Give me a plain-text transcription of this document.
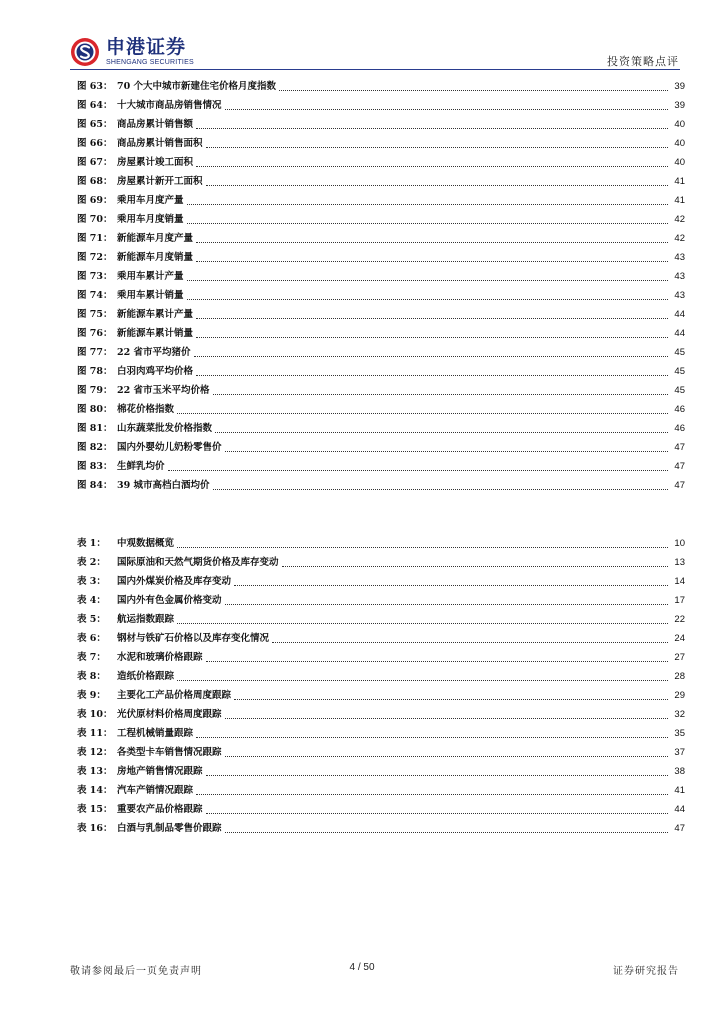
申港证券
SHENGANG SECURITIES	投资策略点评
图 63： 70 个大中城市新建住宅价格月度指数	39
图 64： 十大城市商品房销售情况	39
图 65： 商品房累计销售额	40
图 66： 商品房累计销售面积	40
图 67： 房屋累计竣工面积	40
图 68： 房屋累计新开工面积	41
图 69： 乘用车月度产量	41
图 70： 乘用车月度销量	42
图 71： 新能源车月度产量	42
图 72： 新能源车月度销量	43
图 73： 乘用车累计产量	43
图 74： 乘用车累计销量	43
图 75： 新能源车累计产量	44
图 76： 新能源车累计销量	44
图 77： 22 省市平均猪价	45
图 78： 白羽肉鸡平均价格	45
图 79： 22 省市玉米平均价格	45
图 80： 棉花价格指数	46
图 81： 山东蔬菜批发价格指数	46
图 82： 国内外婴幼儿奶粉零售价	47
图 83： 生鲜乳均价	47
图 84： 39 城市高档白酒均价	47
表 1：	中观数据概览	10
表 2：	国际原油和天然气期货价格及库存变动	13
表 3：	国内外煤炭价格及库存变动	14
表 4：	国内外有色金属价格变动	17
表 5：	航运指数跟踪	22
表 6：	钢材与铁矿石价格以及库存变化情况	24
表 7：	水泥和玻璃价格跟踪	27
表 8：	造纸价格跟踪	28
表 9：	主要化工产品价格周度跟踪	29
表 10： 光伏原材料价格周度跟踪	32
表 11： 工程机械销量跟踪	35
表 12： 各类型卡车销售情况跟踪	37
表 13： 房地产销售情况跟踪	38
表 14： 汽车产销情况跟踪	41
表 15： 重要农产品价格跟踪	44
表 16： 白酒与乳制品零售价跟踪	47
敬请参阅最后一页免责声明	4 / 50	证券研究报告
